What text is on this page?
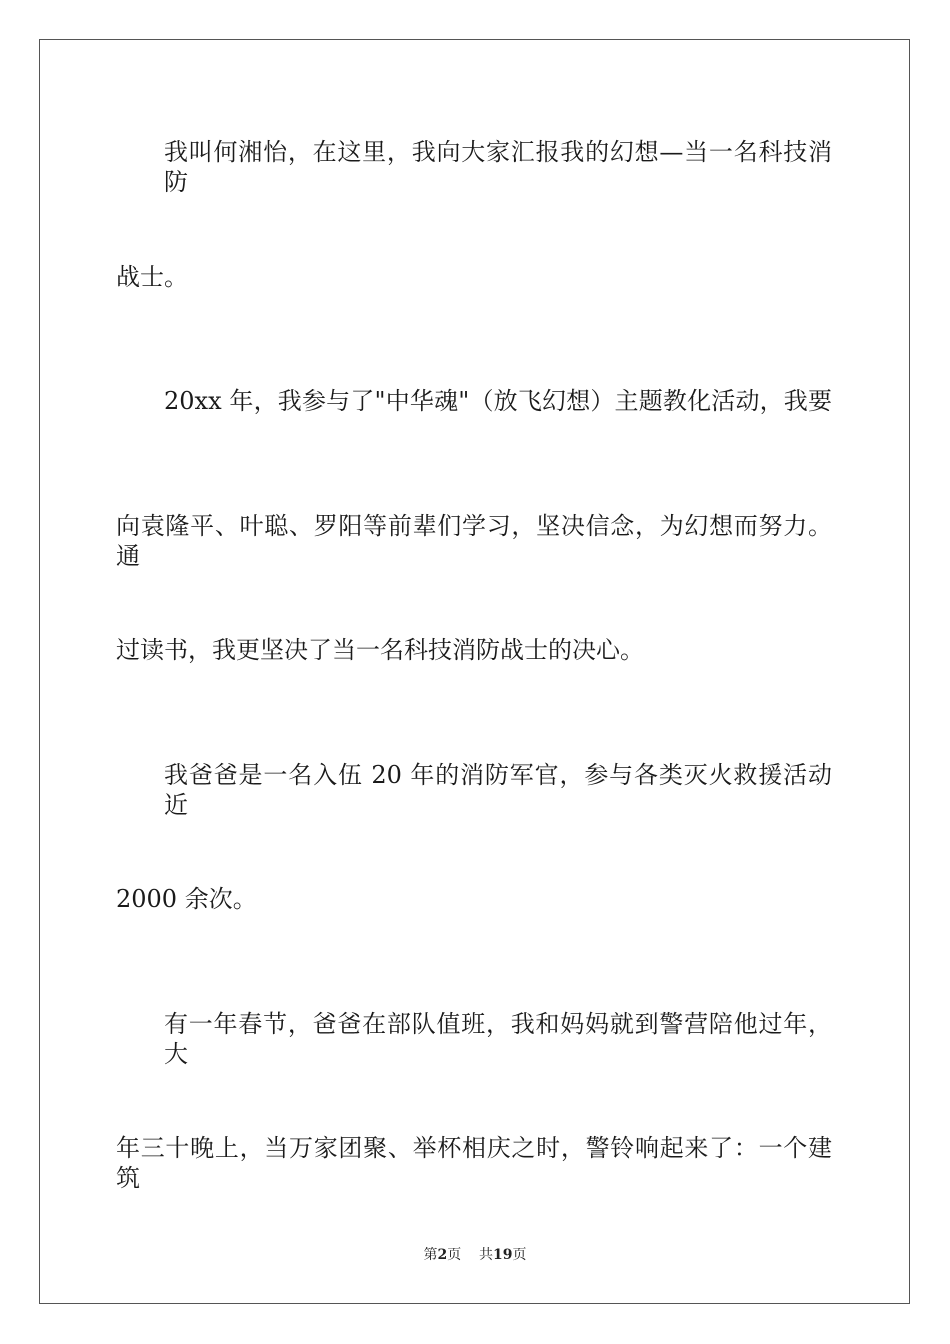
我叫何湘怡，在这里，我向大家汇报我的幻想—当一名科技消防
战士。
20xx 年，我参与了"中华魂"（放飞幻想）主题教化活动，我要
向袁隆平、叶聪、罗阳等前辈们学习，坚决信念，为幻想而努力。通
过读书，我更坚决了当一名科技消防战士的决心。
我爸爸是一名入伍 20 年的消防军官，参与各类灭火救援活动近
2000 余次。
有一年春节，爸爸在部队值班，我和妈妈就到警营陪他过年，大
年三十晚上，当万家团聚、举杯相庆之时，警铃响起来了：一个建筑
第2页 共19页
